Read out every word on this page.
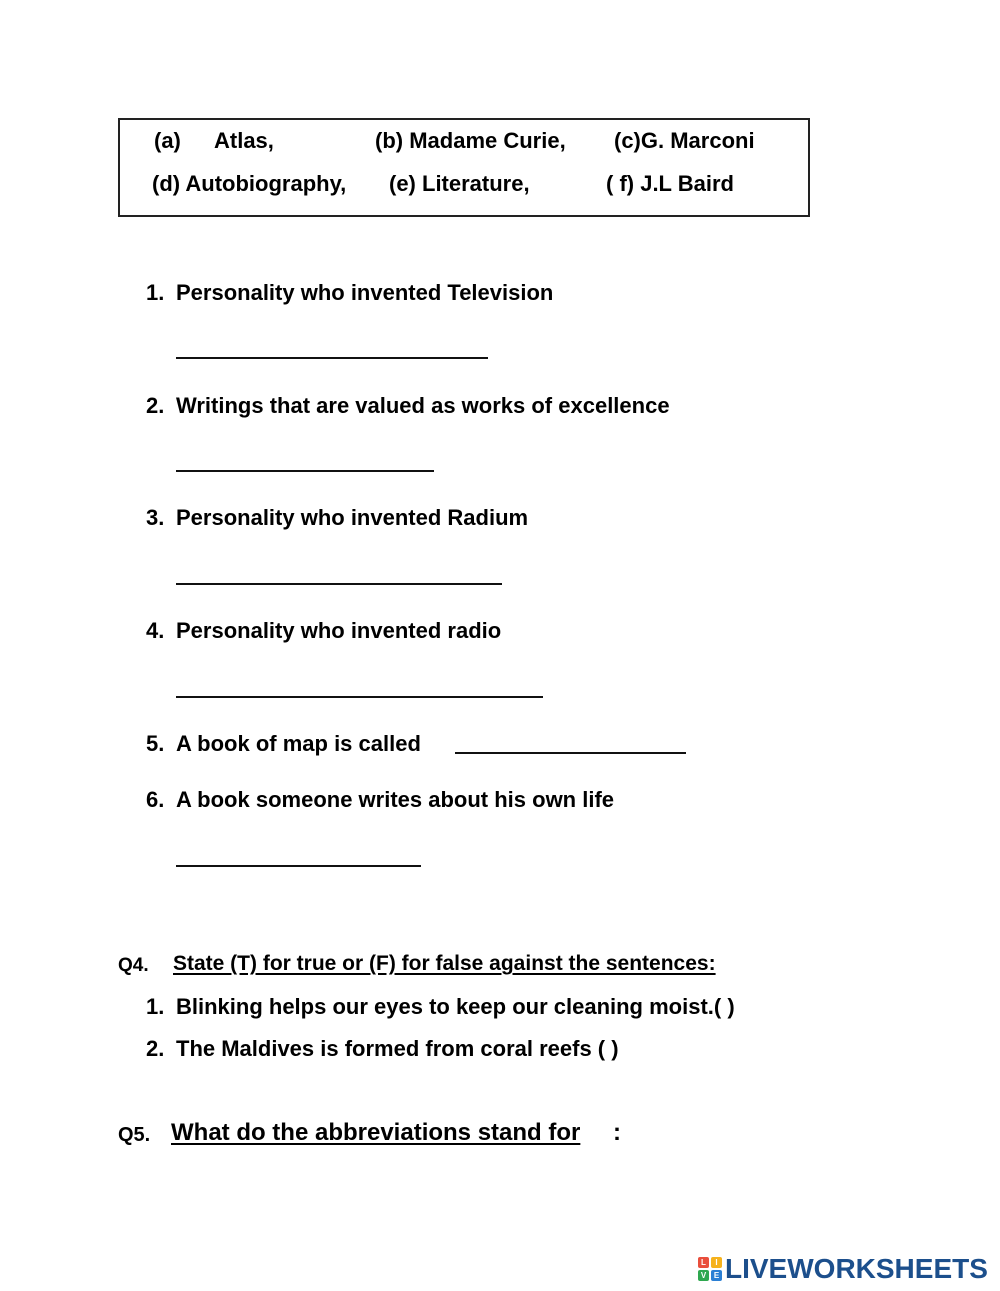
(a) Atlas,	(b) Madame Curie, (c)G. Marconi
(d) Autobiography, (e) Literature,	( f) J.L Baird
1. Personality who invented Television
2. Writings that are valued as works of excellence
3. Personality who invented Radium
4. Personality who invented radio
5. A book of map is called
6. A book someone writes about his own life
Q4. State (T) for true or (F) for false against the sentences:
1. Blinking helps our eyes to keep our cleaning moist.( )
2. The Maldives is formed from coral reefs ( )
Q5. What do the abbreviations stand for :
L	I
V E LIVEWORKSHEETS
